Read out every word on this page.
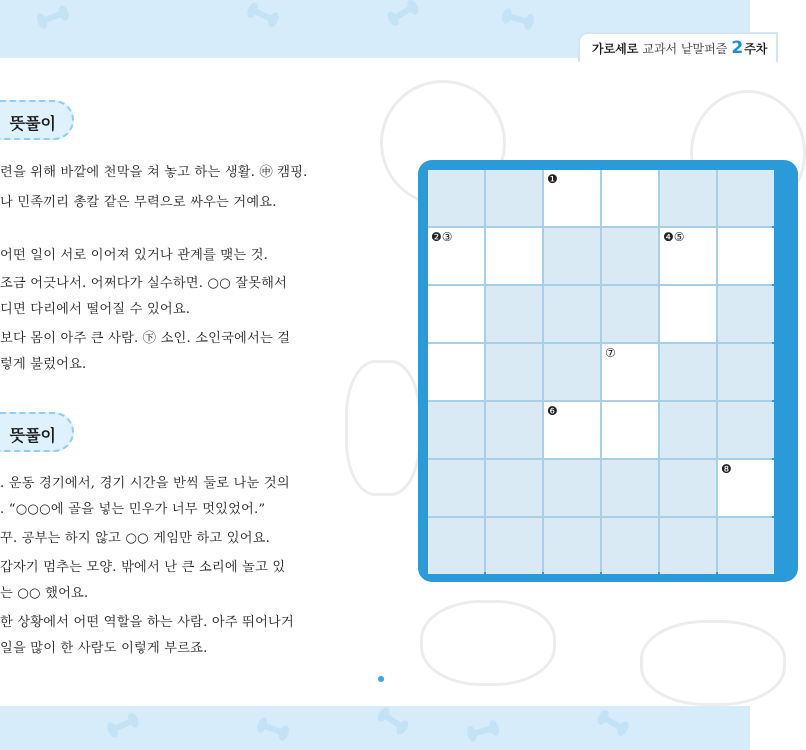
가로세로 교과서 낱말퍼즐 2 주차
뜻풀이
련을 위해 바깥에 천막을 쳐 놓고 하는 생활. ㊥ 캠핑.
나 민족끼리 총칼 같은 무력으로 싸우는 거예요.
어떤 일이 서로 이어져 있거나 관계를 맺는 것.
조금 어긋나서. 어쩌다가 실수하면. ○○ 잘못해서
디면 다리에서 떨어질 수 있어요.
보다 몸이 아주 큰 사람. ㊦ 소인. 소인국에서는 걸
렇게 불렀어요.
뜻풀이
. 운동 경기에서, 경기 시간을 반씩 둘로 나눈 것의
. “○○○에 골을 넣는 민우가 너무 멋있었어.”
꾸. 공부는 하지 않고 ○○ 게임만 하고 있어요.
갑자기 멈추는 모양. 밖에서 난 큰 소리에 놀고 있
는 ○○ 했어요.
한 상황에서 어떤 역할을 하는 사람. 아주 뛰어나거
일을 많이 한 사람도 이렇게 부르죠.
❶
❷③	❹⑤
⑦
❻
❽
